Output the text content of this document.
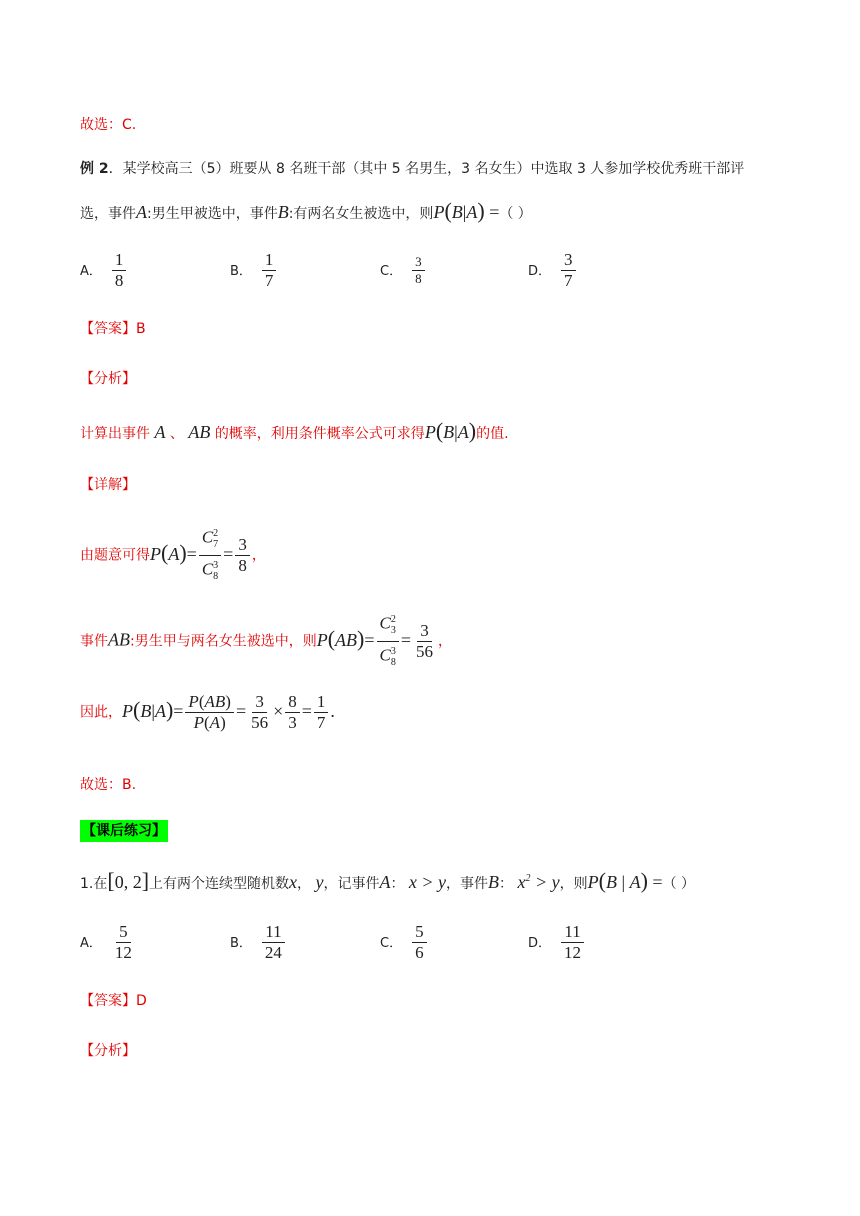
故选：C.
例 2．某学校高三（5）班要从 8 名班干部（其中 5 名男生，3 名女生）中选取 3 人参加学校优秀班干部评
选，事件A:男生甲被选中，事件B:有两名女生被选中，则P(B|A) =（ ）
A． $\frac{1}{8}$	B． $\frac{1}{7}$	C． $\frac{3}{8}$	D． $\frac{3}{7}$
【答案】B
【分析】
计算出事件 A 、 AB 的概率，利用条件概率公式可求得P(B|A)的值.
【详解】
由题意可得$P(A)= \frac{C_7^2}{C_8^3} = \frac{3}{8}$ ，
事件AB:男生甲与两名女生被选中，则$P(AB)= \frac{C_3^2}{C_8^3} = \frac{3}{56}$ ，
因此，$P(B|A)= \frac{P(AB)}{P(A)} = \frac{3}{56} \times \frac{8}{3} = \frac{1}{7}$ .
故选：B.
【课后练习】
1.在[0, 2]上有两个连续型随机数x， y，记事件A： x > y，事件B： $x^2 > y$，则P(B | A) =（ ）
A． $\frac{5}{12}$	B． $\frac{11}{24}$	C． $\frac{5}{6}$	D． $\frac{11}{12}$
【答案】D
【分析】
